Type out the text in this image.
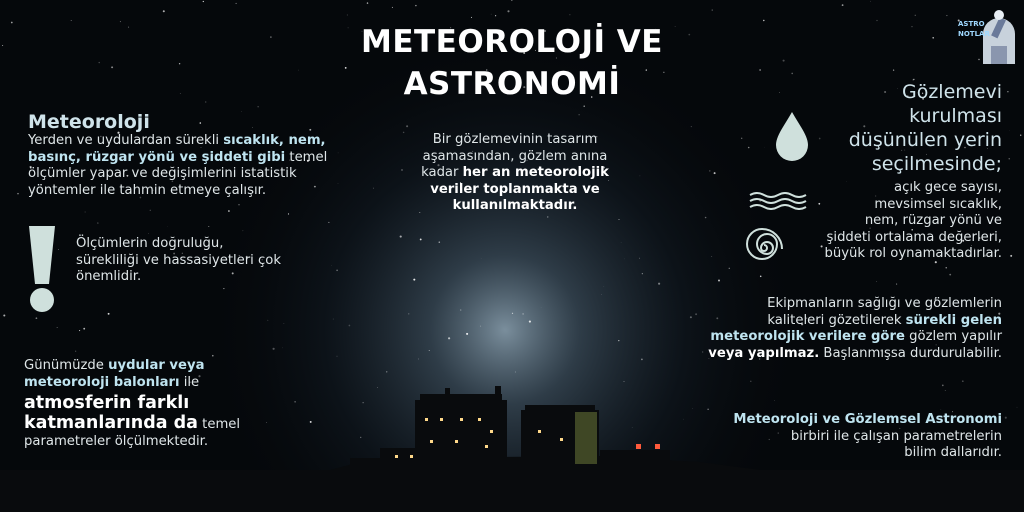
ASTRO
NOTLAR
METEOROLOJİ VE
ASTRONOMİ
Meteoroloji
Yerden ve uydulardan sürekli sıcaklık, nem,
basınç, rüzgar yönü ve şiddeti gibi temel
ölçümler yapar ve değişimlerini istatistik
yöntemler ile tahmin etmeye çalışır.
Ölçümlerin doğruluğu,
sürekliliği ve hassasiyetleri çok
önemlidir.
Günümüzde uydular veya
meteoroloji balonları ile
atmosferin farklı
katmanlarında da temel
parametreler ölçülmektedir.
Bir gözlemevinin tasarım
aşamasından, gözlem anına
kadar her an meteorolojik
veriler toplanmakta ve
kullanılmaktadır.
Gözlemevi
kurulması
düşünülen yerin
seçilmesinde;
açık gece sayısı,
mevsimsel sıcaklık,
nem, rüzgar yönü ve
şiddeti ortalama değerleri,
büyük rol oynamaktadırlar.
Ekipmanların sağlığı ve gözlemlerin
kaliteleri gözetilerek sürekli gelen
meteorolojik verilere göre gözlem yapılır
veya yapılmaz. Başlanmışsa durdurulabilir.
Meteoroloji ve Gözlemsel Astronomi
birbiri ile çalışan parametrelerin
bilim dallarıdır.
